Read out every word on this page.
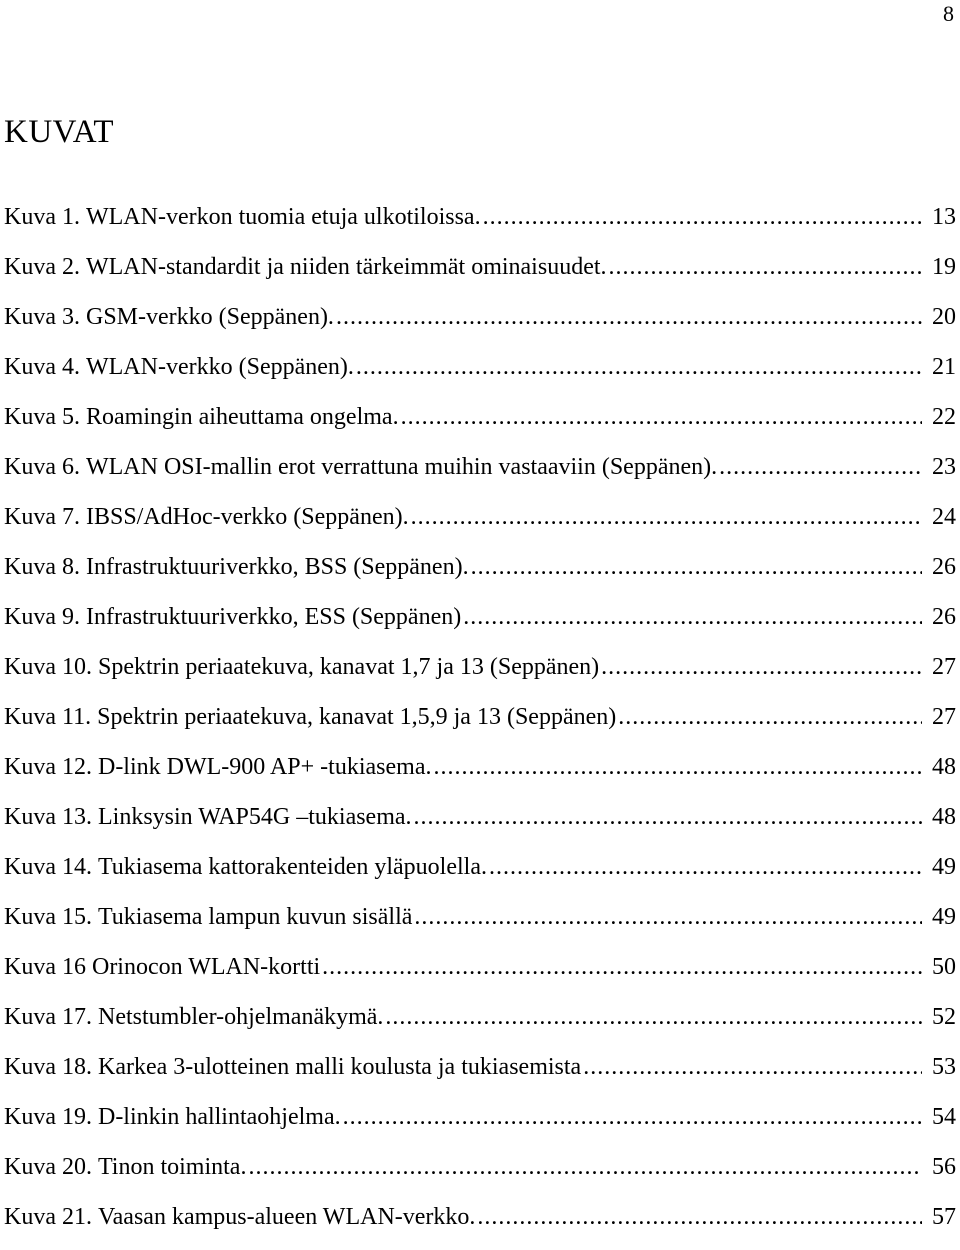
8
KUVAT
Kuva 1. WLAN-verkon tuomia etuja ulkotiloissa. .....	13
Kuva 2. WLAN-standardit ja niiden tärkeimmät ominaisuudet. .....	19
Kuva 3. GSM-verkko (Seppänen). .....	20
Kuva 4. WLAN-verkko (Seppänen). .....	21
Kuva 5. Roamingin aiheuttama ongelma. .....	22
Kuva 6. WLAN OSI-mallin erot verrattuna muihin vastaaviin (Seppänen). .....	23
Kuva 7. IBSS/AdHoc-verkko (Seppänen). .....	24
Kuva 8. Infrastruktuuriverkko, BSS (Seppänen). .....	26
Kuva 9. Infrastruktuuriverkko, ESS (Seppänen) .....	26
Kuva 10. Spektrin periaatekuva, kanavat 1,7 ja 13 (Seppänen) .....	27
Kuva 11. Spektrin periaatekuva, kanavat 1,5,9 ja 13 (Seppänen) .....	27
Kuva 12. D-link DWL-900 AP+ -tukiasema. .....	48
Kuva 13. Linksysin WAP54G –tukiasema. .....	48
Kuva 14. Tukiasema kattorakenteiden yläpuolella. .....	49
Kuva 15. Tukiasema lampun kuvun sisällä .....	49
Kuva 16 Orinocon WLAN-kortti .....	50
Kuva 17. Netstumbler-ohjelmanäkymä. .....	52
Kuva 18. Karkea 3-ulotteinen malli koulusta ja tukiasemista .....	53
Kuva 19. D-linkin hallintaohjelma. .....	54
Kuva 20. Tinon toiminta. .....	56
Kuva 21. Vaasan kampus-alueen WLAN-verkko. .....	57
